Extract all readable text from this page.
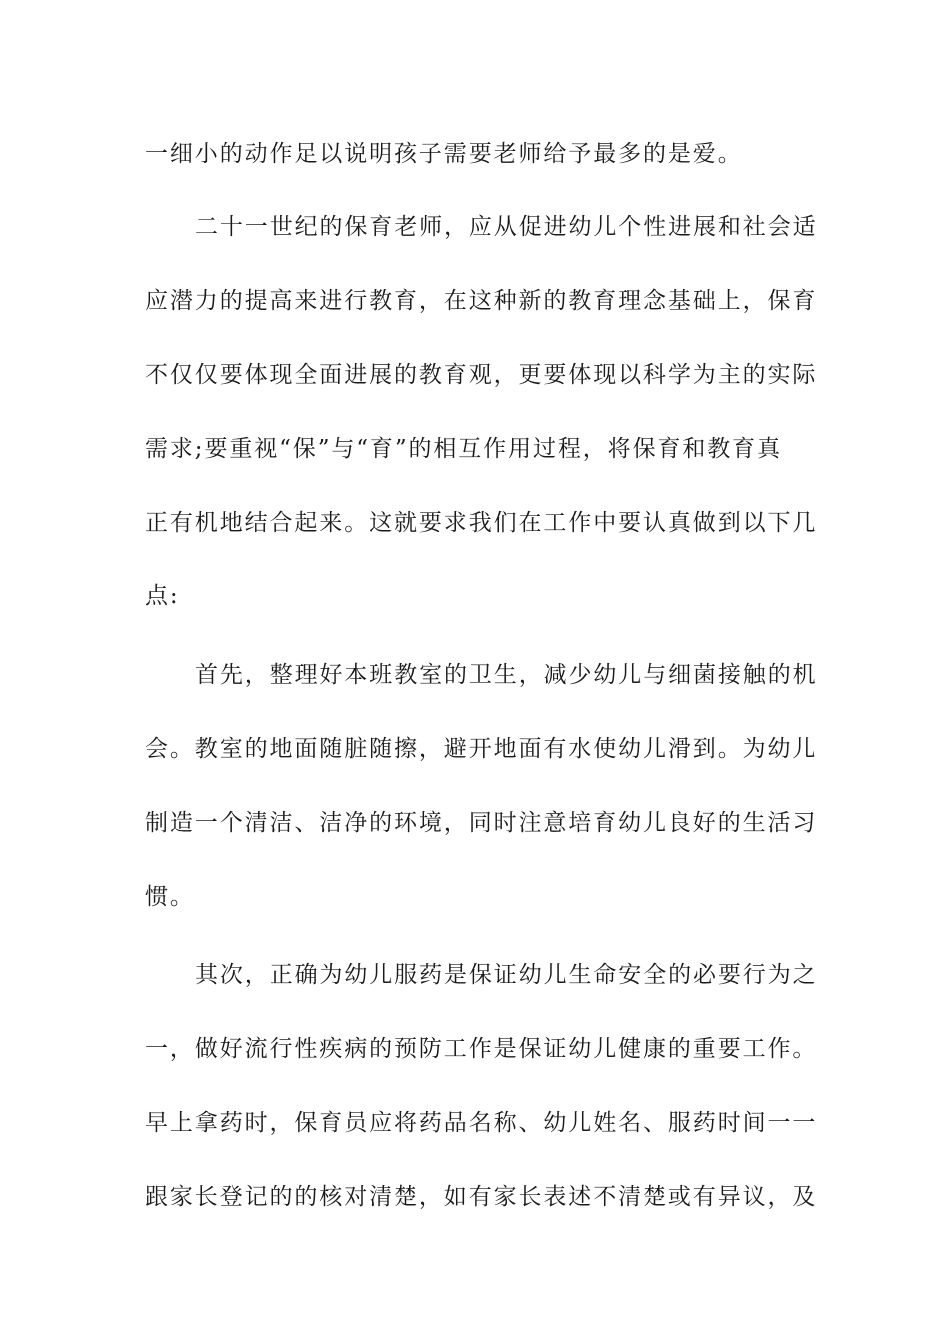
一细小的动作足以说明孩子需要老师给予最多的是爱。
二十一世纪的保育老师，应从促进幼儿个性进展和社会适
应潜力的提高来进行教育，在这种新的教育理念基础上，保育
不仅仅要体现全面进展的教育观，更要体现以科学为主的实际
需求;要重视“保”与“育”的相互作用过程，将保育和教育真
正有机地结合起来。这就要求我们在工作中要认真做到以下几
点:
首先，整理好本班教室的卫生，减少幼儿与细菌接触的机
会。教室的地面随脏随擦，避开地面有水使幼儿滑到。为幼儿
制造一个清洁、洁净的环境，同时注意培育幼儿良好的生活习
惯。
其次，正确为幼儿服药是保证幼儿生命安全的必要行为之
一，做好流行性疾病的预防工作是保证幼儿健康的重要工作。
早上拿药时，保育员应将药品名称、幼儿姓名、服药时间一一
跟家长登记的的核对清楚，如有家长表述不清楚或有异议，及
